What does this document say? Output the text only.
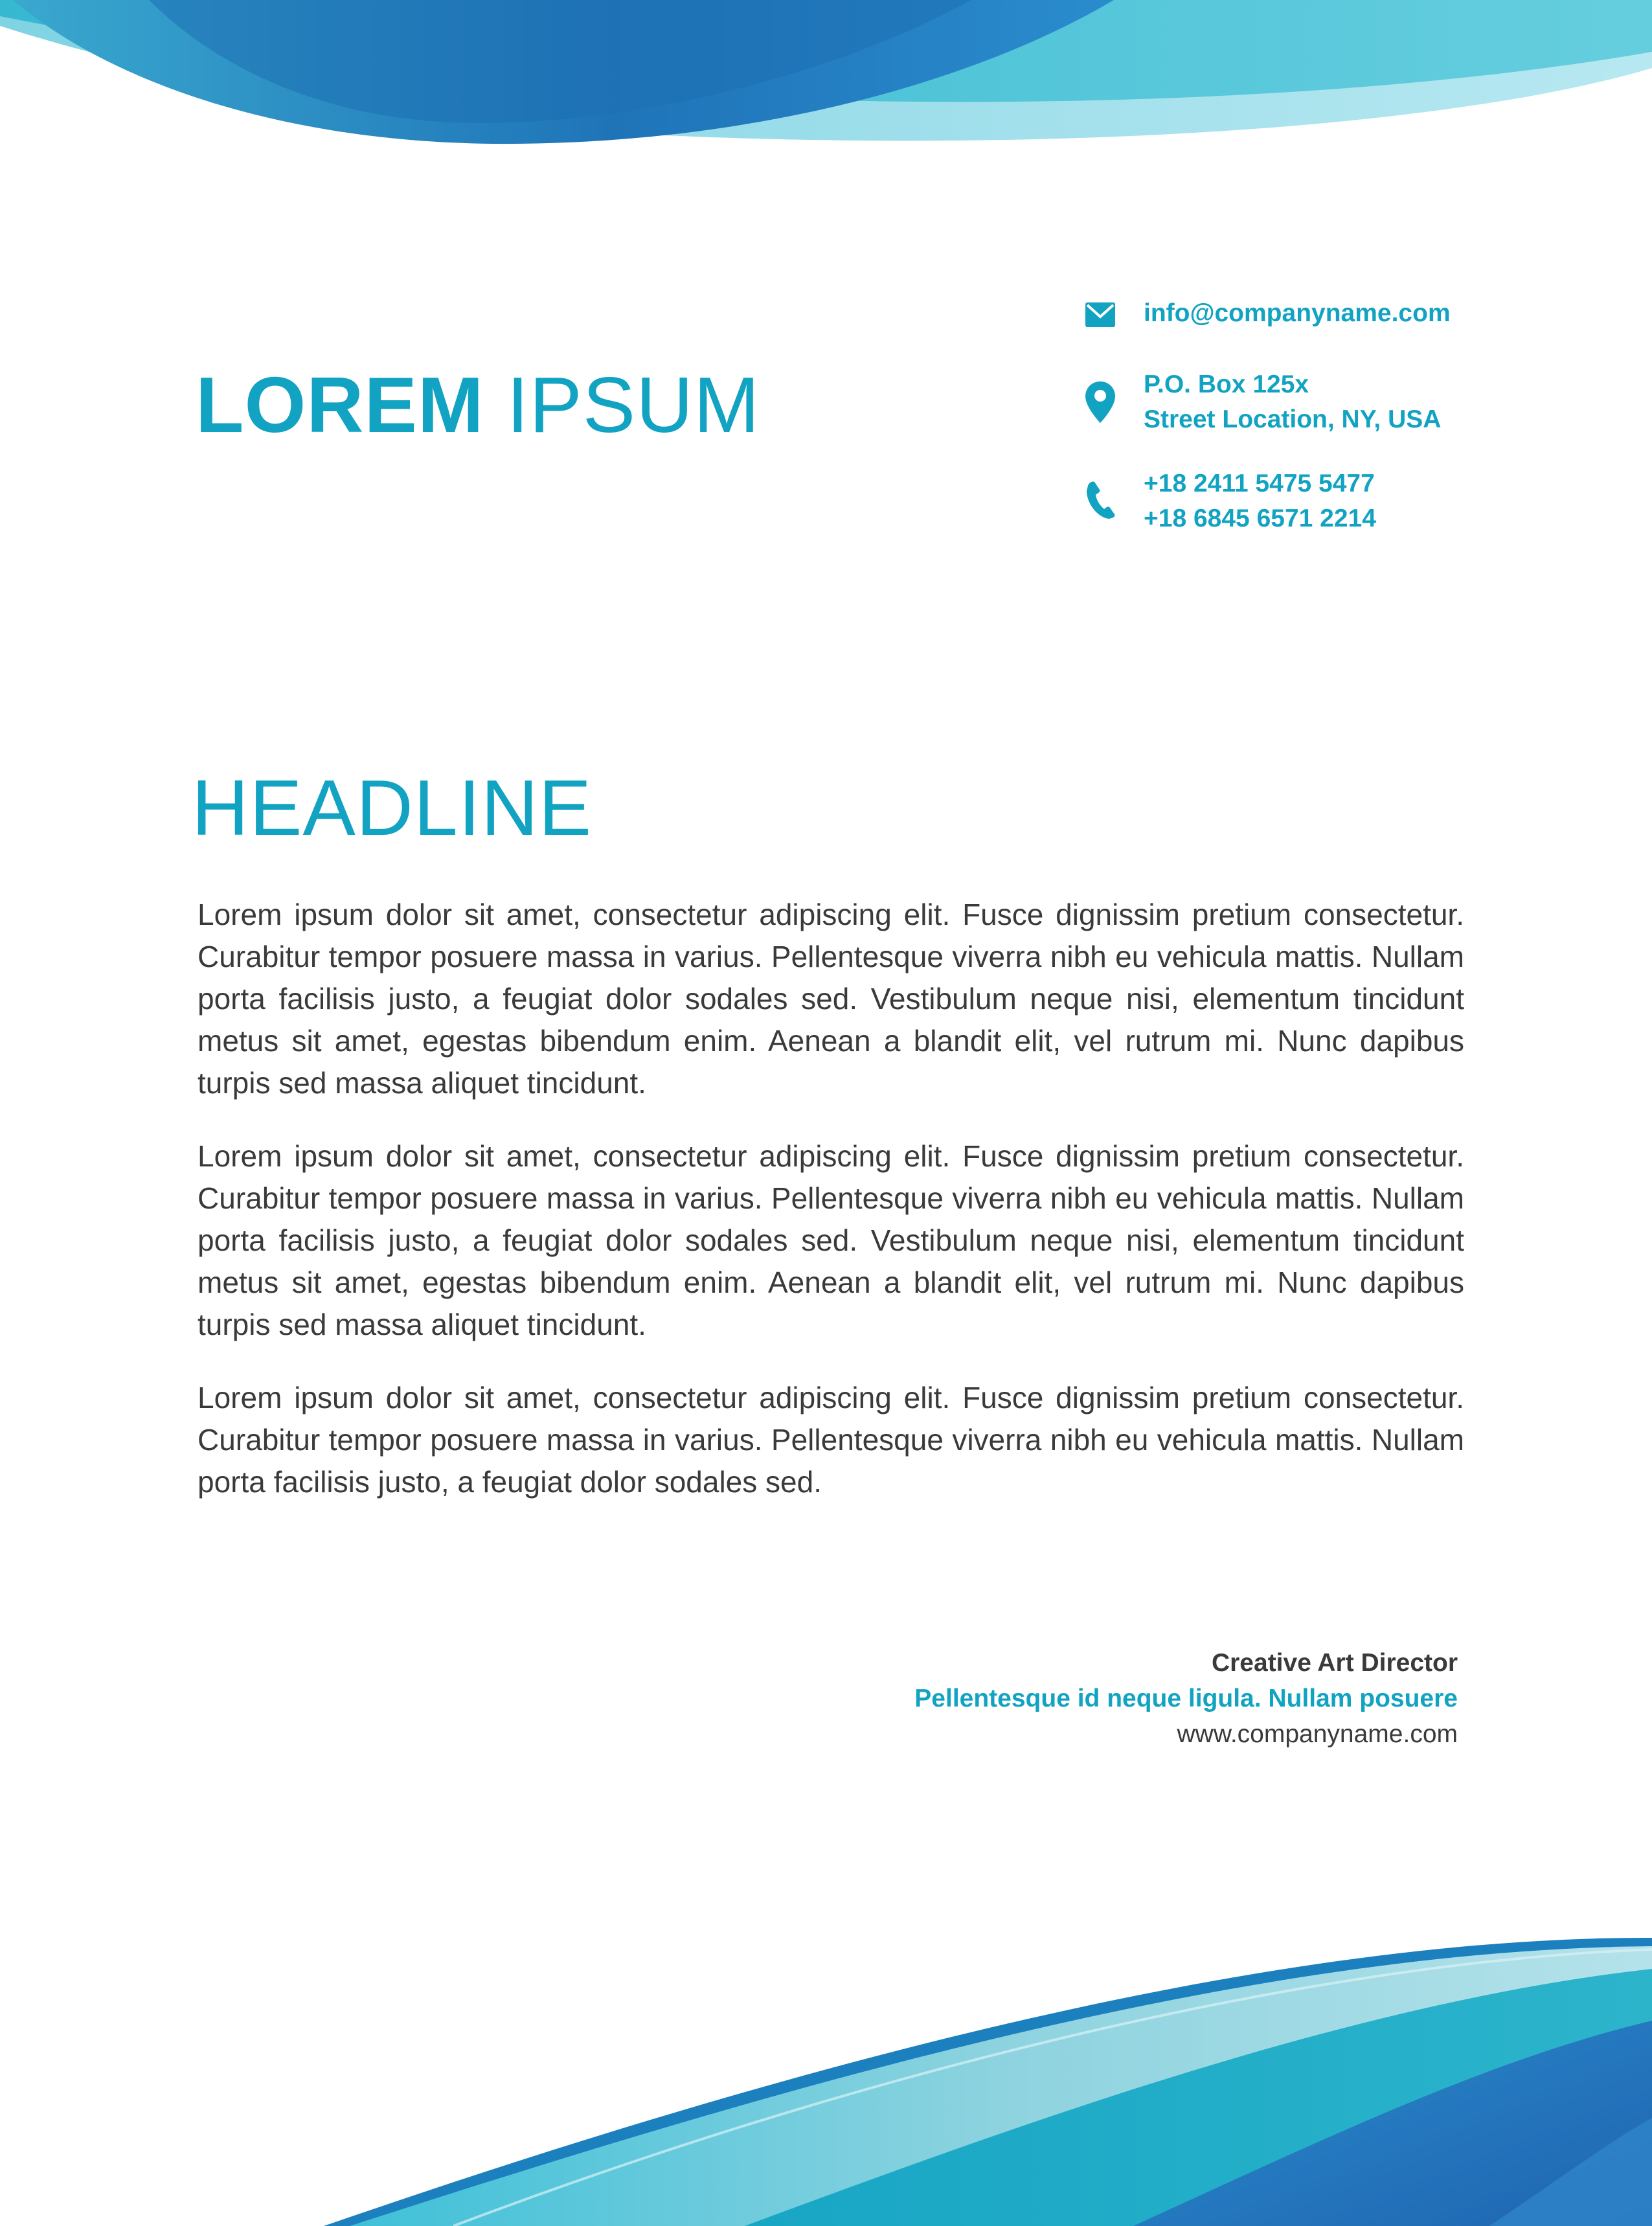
LOREM IPSUM
info@companyname.com
P.O. Box 125x
Street Location, NY, USA
+18 2411 5475 5477
+18 6845 6571 2214
HEADLINE

Lorem ipsum dolor sit amet, consectetur adipiscing elit. Fusce dignissim pretium consectetur. Curabitur tempor posuere massa in varius. Pellentesque viverra nibh eu vehicula mattis. Nullam porta facilisis justo, a feugiat dolor sodales sed. Vestibulum neque nisi, elementum tincidunt metus sit amet, egestas bibendum enim. Aenean a blandit elit, vel rutrum mi. Nunc dapibus turpis sed massa aliquet tincidunt.

Lorem ipsum dolor sit amet, consectetur adipiscing elit. Fusce dignissim pretium consectetur. Curabitur tempor posuere massa in varius. Pellentesque viverra nibh eu vehicula mattis. Nullam porta facilisis justo, a feugiat dolor sodales sed. Vestibulum neque nisi, elementum tincidunt metus sit amet, egestas bibendum enim. Aenean a blandit elit, vel rutrum mi. Nunc dapibus turpis sed massa aliquet tincidunt.

Lorem ipsum dolor sit amet, consectetur adipiscing elit. Fusce dignissim pretium consectetur. Curabitur tempor posuere massa in varius. Pellentesque viverra nibh eu vehicula mattis. Nullam porta facilisis justo, a feugiat dolor sodales sed.

Creative Art Director
Pellentesque id neque ligula. Nullam posuere
www.companyname.com
